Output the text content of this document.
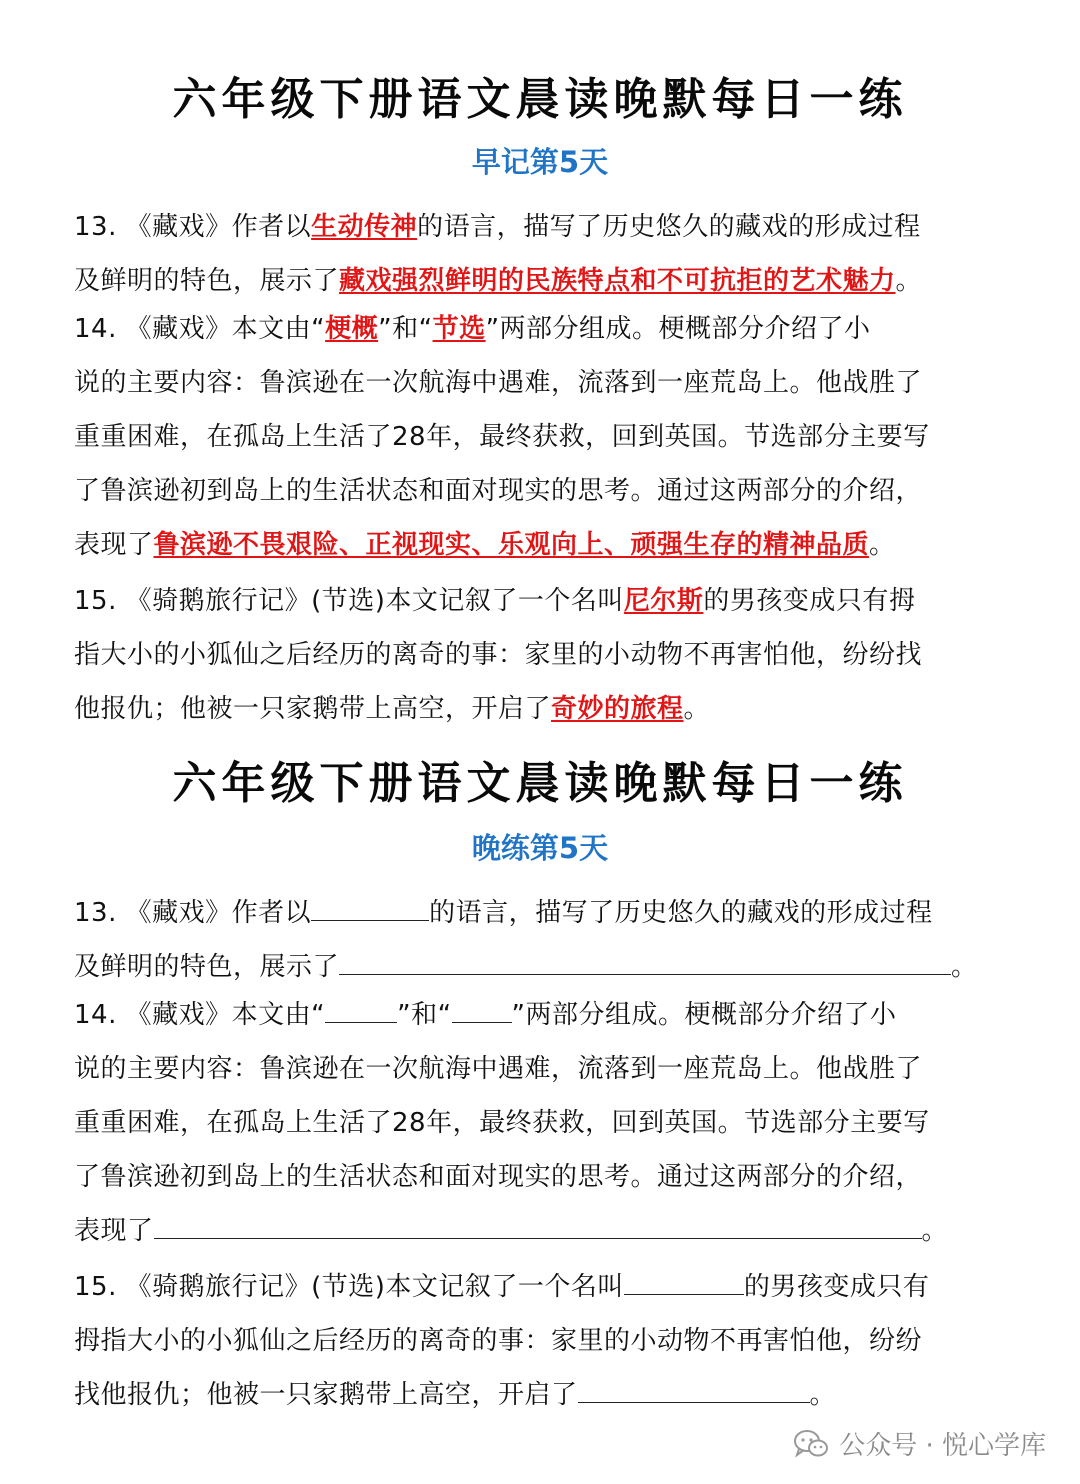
六年级下册语文晨读晚默每日一练
早记第5天
13. 《藏戏》作者以生动传神的语言，描写了历史悠久的藏戏的形成过程
及鲜明的特色，展示了藏戏强烈鲜明的民族特点和不可抗拒的艺术魅力。
14. 《藏戏》本文由“梗概”和“节选”两部分组成。梗概部分介绍了小
说的主要内容：鲁滨逊在一次航海中遇难，流落到一座荒岛上。他战胜了
重重困难，在孤岛上生活了28年，最终获救，回到英国。节选部分主要写
了鲁滨逊初到岛上的生活状态和面对现实的思考。通过这两部分的介绍，
表现了鲁滨逊不畏艰险、正视现实、乐观向上、顽强生存的精神品质。
15. 《骑鹅旅行记》(节选)本文记叙了一个名叫尼尔斯的男孩变成只有拇
指大小的小狐仙之后经历的离奇的事：家里的小动物不再害怕他，纷纷找
他报仇；他被一只家鹅带上高空，开启了奇妙的旅程。
六年级下册语文晨读晚默每日一练
晚练第5天
13. 《藏戏》作者以	的语言，描写了历史悠久的藏戏的形成过程
及鲜明的特色，展示了	。
14. 《藏戏》本文由“	”和“ ”两部分组成。梗概部分介绍了小
说的主要内容：鲁滨逊在一次航海中遇难，流落到一座荒岛上。他战胜了
重重困难，在孤岛上生活了28年，最终获救，回到英国。节选部分主要写
了鲁滨逊初到岛上的生活状态和面对现实的思考。通过这两部分的介绍，
表现了	。
15. 《骑鹅旅行记》(节选)本文记叙了一个名叫	的男孩变成只有
拇指大小的小狐仙之后经历的离奇的事：家里的小动物不再害怕他，纷纷
找他报仇；他被一只家鹅带上高空，开启了	。
公众号 · 悦心学库
